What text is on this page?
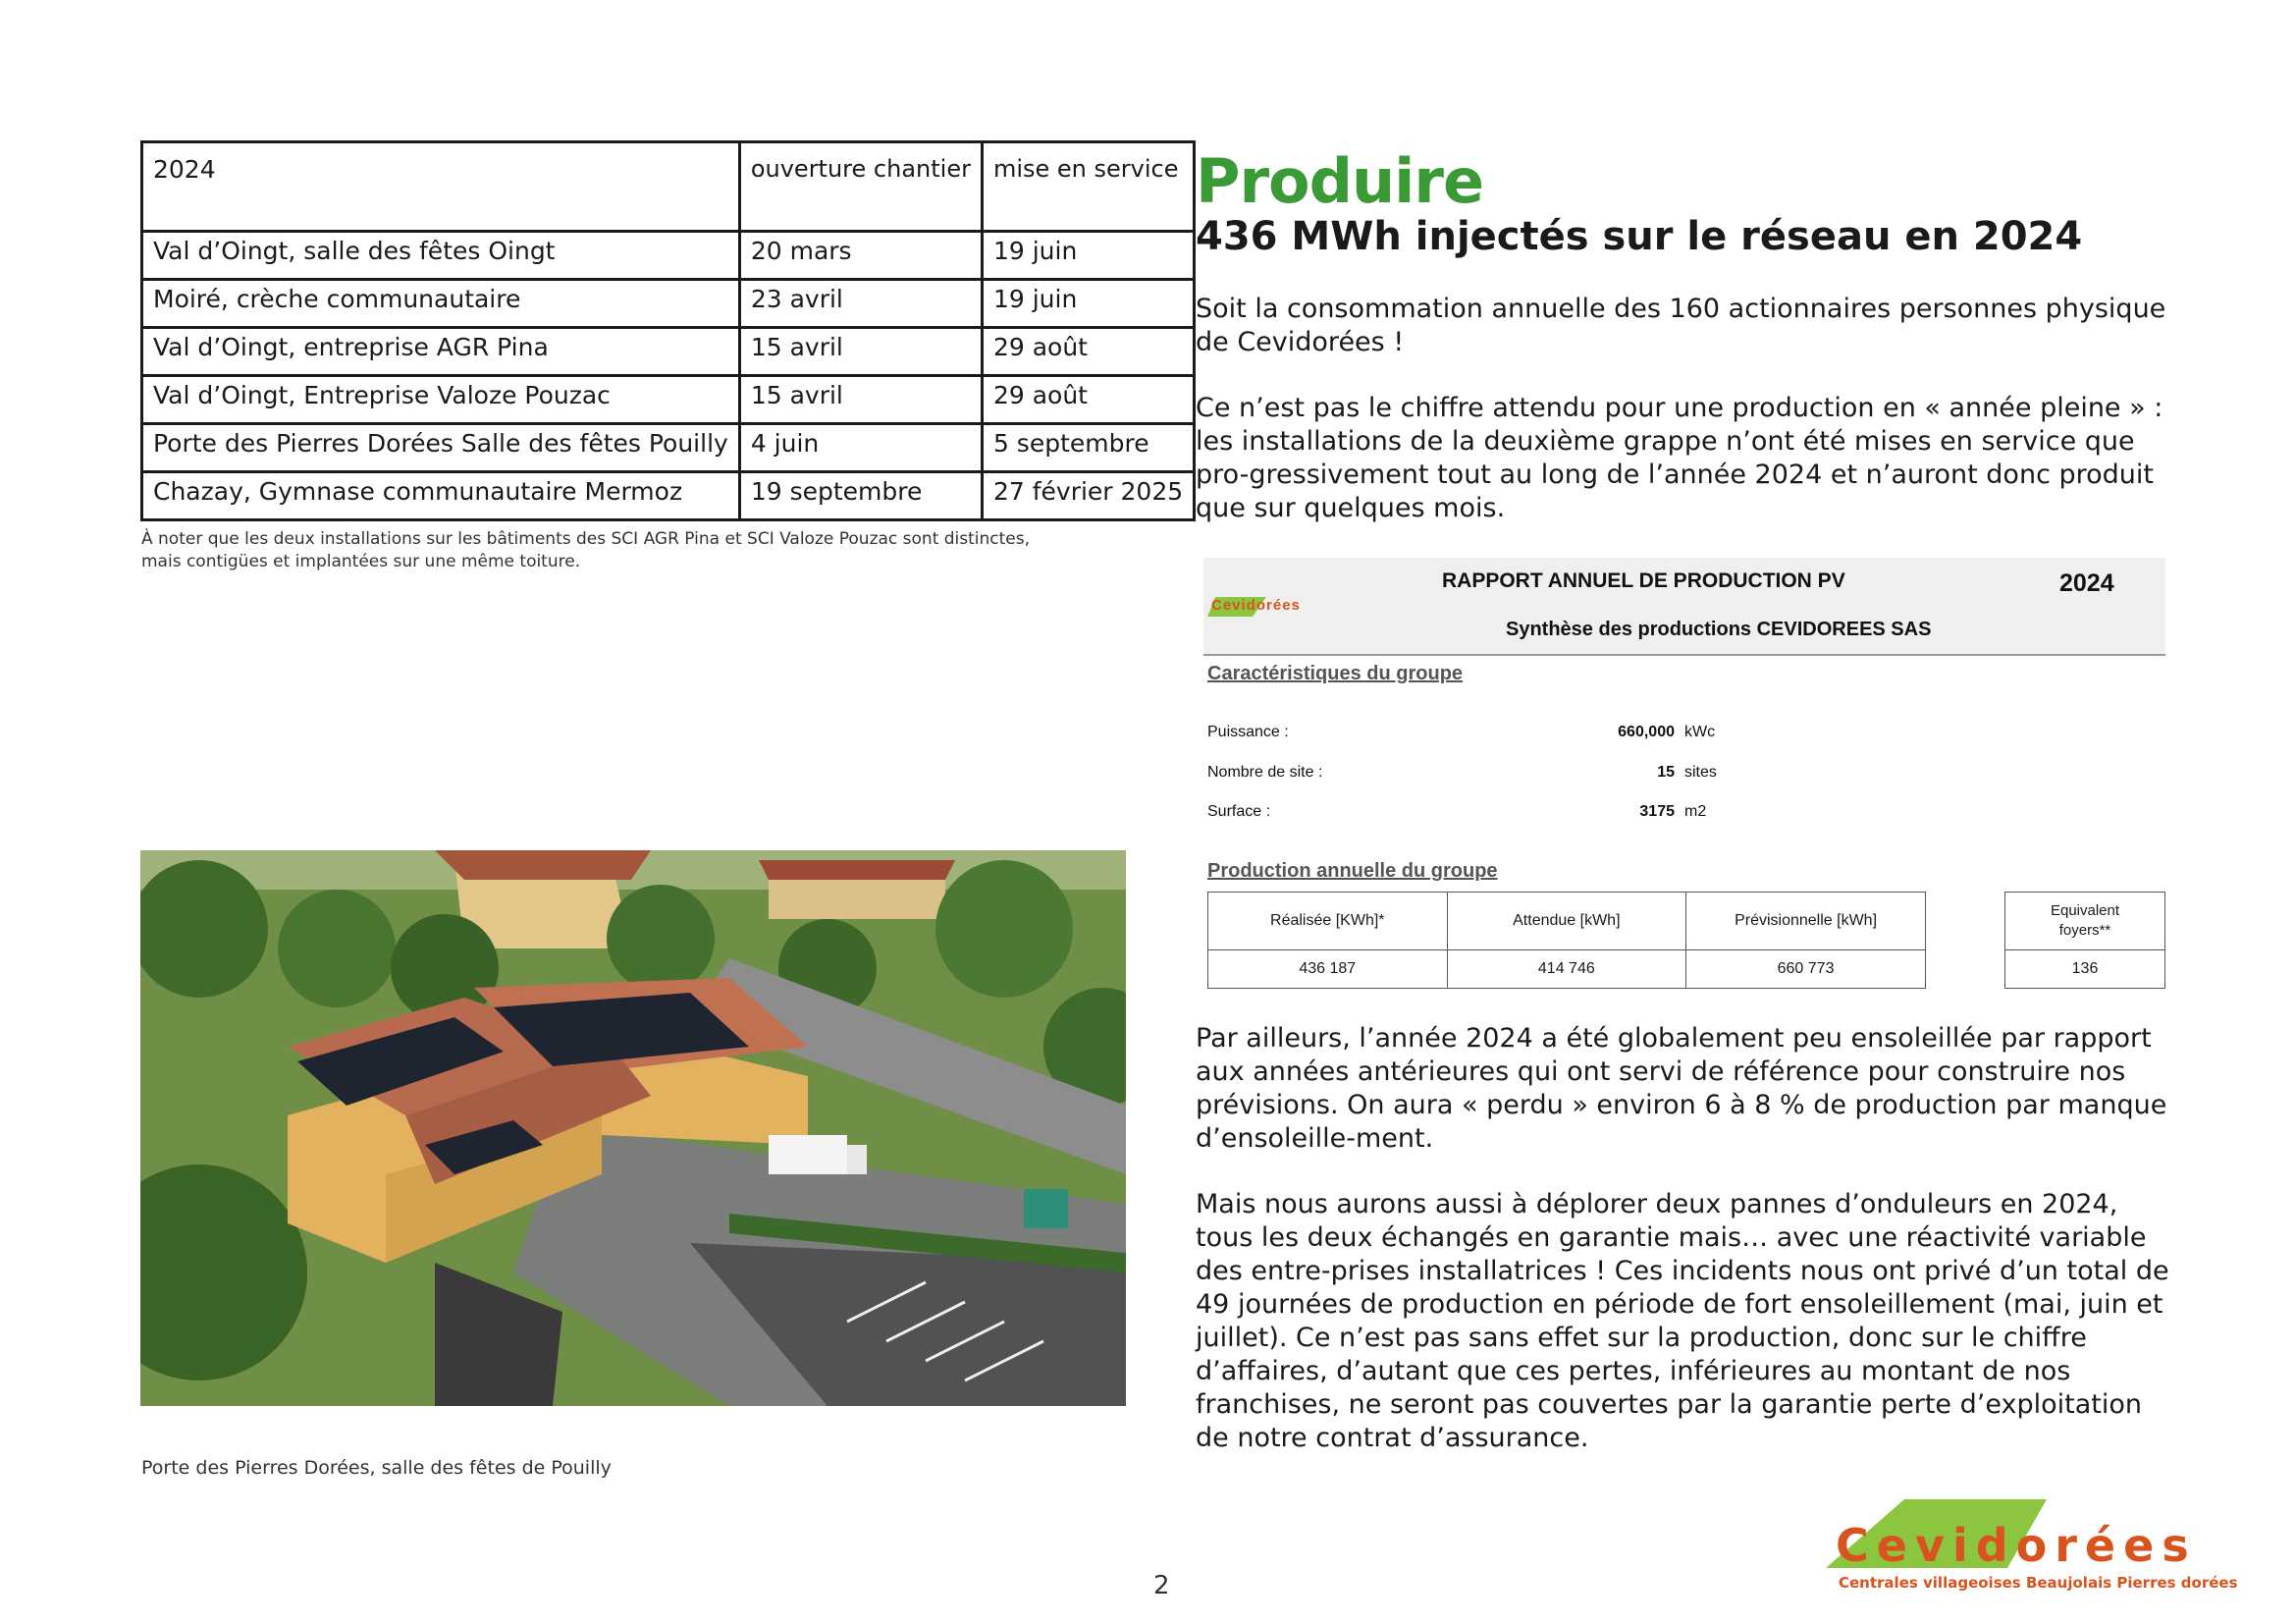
2024	ouverture chantier	mise en service
Val d’Oingt, salle des fêtes Oingt	20 mars	19 juin
Moiré, crèche communautaire	23 avril	19 juin
Val d’Oingt, entreprise AGR Pina	15 avril	29 août
Val d’Oingt, Entreprise Valoze Pouzac	15 avril	29 août
Porte des Pierres Dorées Salle des fêtes Pouilly	4 juin	5 septembre
Chazay, Gymnase communautaire Mermoz	19 septembre	27 février 2025
À noter que les deux installations sur les bâtiments des SCI AGR Pina et SCI Valoze Pouzac sont distinctes,
mais contigües et implantées sur une même toiture.
Porte des Pierres Dorées, salle des fêtes de Pouilly
Produire
436 MWh injectés sur le réseau en 2024
Soit la consommation annuelle des 160 actionnaires personnes physique de Cevidorées !
Ce n’est pas le chiffre attendu pour une production en « année pleine » :
les installations de la deuxième grappe n’ont été mises en service que pro-gressivement tout au long de l’année 2024 et n’auront donc produit que sur quelques mois.
Cevidorées
RAPPORT ANNUEL DE PRODUCTION PV	2024
Synthèse des productions CEVIDOREES SAS
Caractéristiques du groupe
Puissance :	660,000 kWc
Nombre de site :	15 sites
Surface :	3175 m2
Production annuelle du groupe
Réalisée [KWh]*	Attendue [kWh]	Prévisionnelle [kWh]
436 187	414 746	660 773
Equivalent
foyers**

136
Par ailleurs, l’année 2024 a été globalement peu ensoleillée par rapport aux années antérieures qui ont servi de référence pour construire nos prévisions. On aura « perdu » environ 6 à 8 % de production par manque d’ensoleille-ment.
Mais nous aurons aussi à déplorer deux pannes d’onduleurs en 2024, tous les deux échangés en garantie mais… avec une réactivité variable des entre-prises installatrices ! Ces incidents nous ont privé d’un total de 49 journées de production en période de fort ensoleillement (mai, juin et juillet). Ce n’est pas sans effet sur la production, donc sur le chiffre d’affaires, d’autant que ces pertes, inférieures au montant de nos franchises, ne seront pas couvertes par la garantie perte d’exploitation de notre contrat d’assurance.
2
Cevidorées
Centrales villageoises Beaujolais Pierres dorées
